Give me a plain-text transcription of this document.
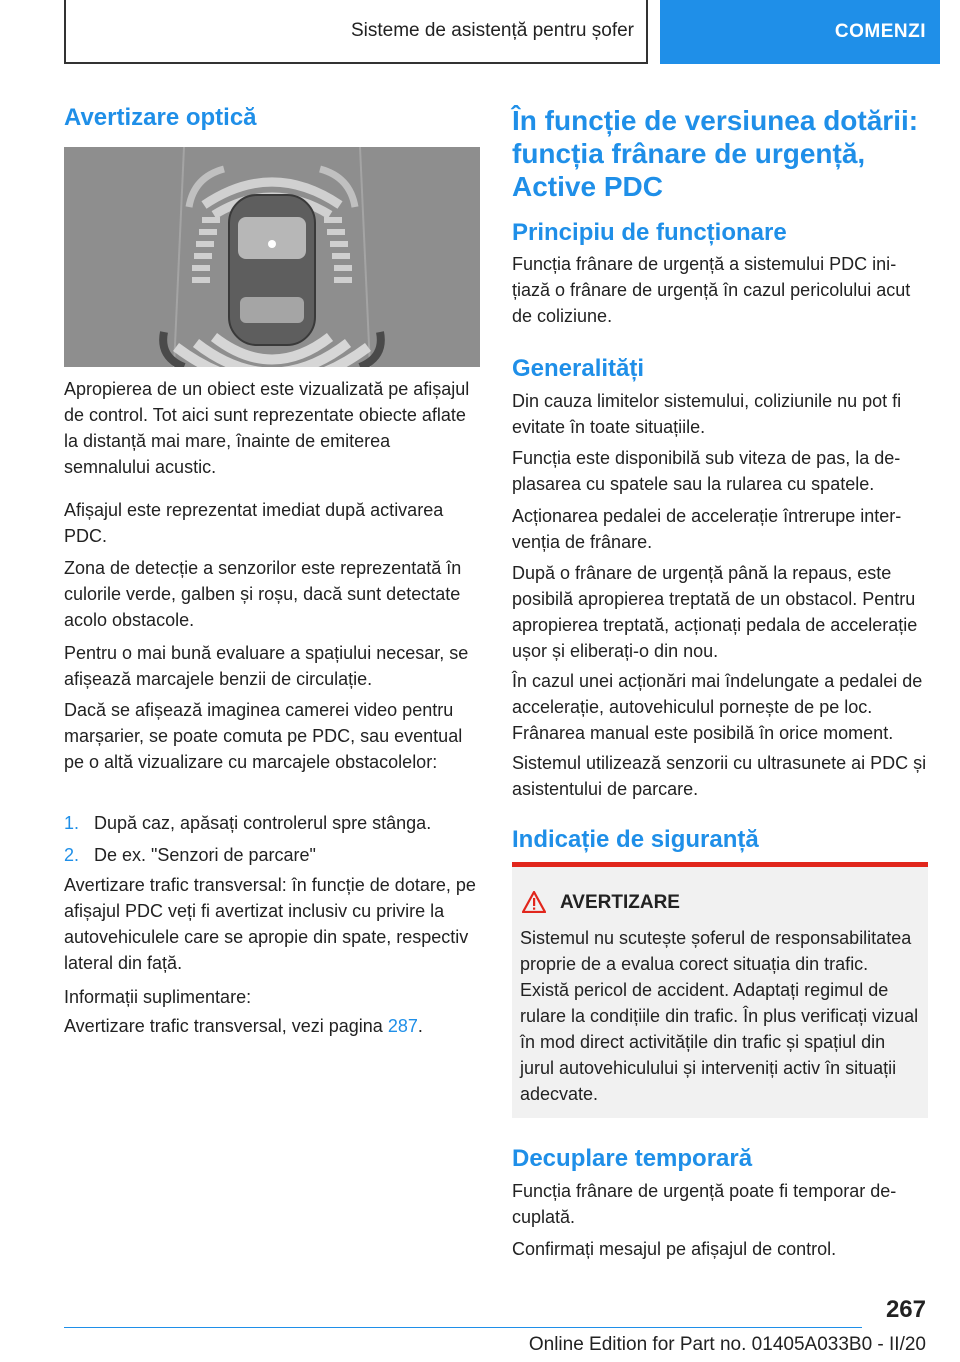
Sisteme de asistență pentru șofer	COMENZI
Avertizare optică

Apropierea de un obiect este vizualizată pe afișajul de control. Tot aici sunt reprezentate obiecte aflate la distanță mai mare, înainte de emiterea semnalului acustic.

Afișajul este reprezentat imediat după activarea PDC.

Zona de detecție a senzorilor este reprezentată în culorile verde, galben și roșu, dacă sunt detectate acolo obstacole.

Pentru o mai bună evaluare a spațiului necesar, se afișează marcajele benzii de circulație.

Dacă se afișează imaginea camerei video pentru marșarier, se poate comuta pe PDC, sau eventual pe o altă vizualizare cu marcajele obstacolelor:

1. După caz, apăsați controlerul spre stânga.
2. De ex. "Senzori de parcare"

Avertizare trafic transversal: în funcție de dotare, pe afișajul PDC veți fi avertizat inclusiv cu privire la autovehiculele care se apropie din spate, respectiv lateral din față.

Informații suplimentare:

Avertizare trafic transversal, vezi pagina 287.

În funcție de versiunea dotării: funcția frânare de urgență, Active PDC
Principiu de funcționare

Funcția frânare de urgență a sistemului PDC inițiază o frânare de urgență în cazul pericolului acut de coliziune.

Generalități

Din cauza limitelor sistemului, coliziunile nu pot fi evitate în toate situațiile.

Funcția este disponibilă sub viteza de pas, la deplasarea cu spatele sau la rularea cu spatele.

Acționarea pedalei de accelerație întrerupe intervenția de frânare.

După o frânare de urgență până la repaus, este posibilă apropierea treptată de un obstacol. Pentru apropierea treptată, acționați pedala de accelerație ușor și eliberați-o din nou.

În cazul unei acționări mai îndelungate a pedalei de accelerație, autovehiculul pornește de pe loc. Frânarea manual este posibilă în orice moment.

Sistemul utilizează senzorii cu ultrasunete ai PDC și asistentului de parcare.

Indicație de siguranță
AVERTIZARE

Sistemul nu scutește șoferul de responsabilitatea proprie de a evalua corect situația din trafic. Există pericol de accident. Adaptați regimul de rulare la condițiile din trafic. În plus verificați vizual în mod direct activitățile din trafic și spațiul din jurul autovehiculului și interveniți activ în situații adecvate.

Decuplare temporară

Funcția frânare de urgență poate fi temporar decuplată.

Confirmați mesajul pe afișajul de control.

267
Online Edition for Part no. 01405A033B0 - II/20
